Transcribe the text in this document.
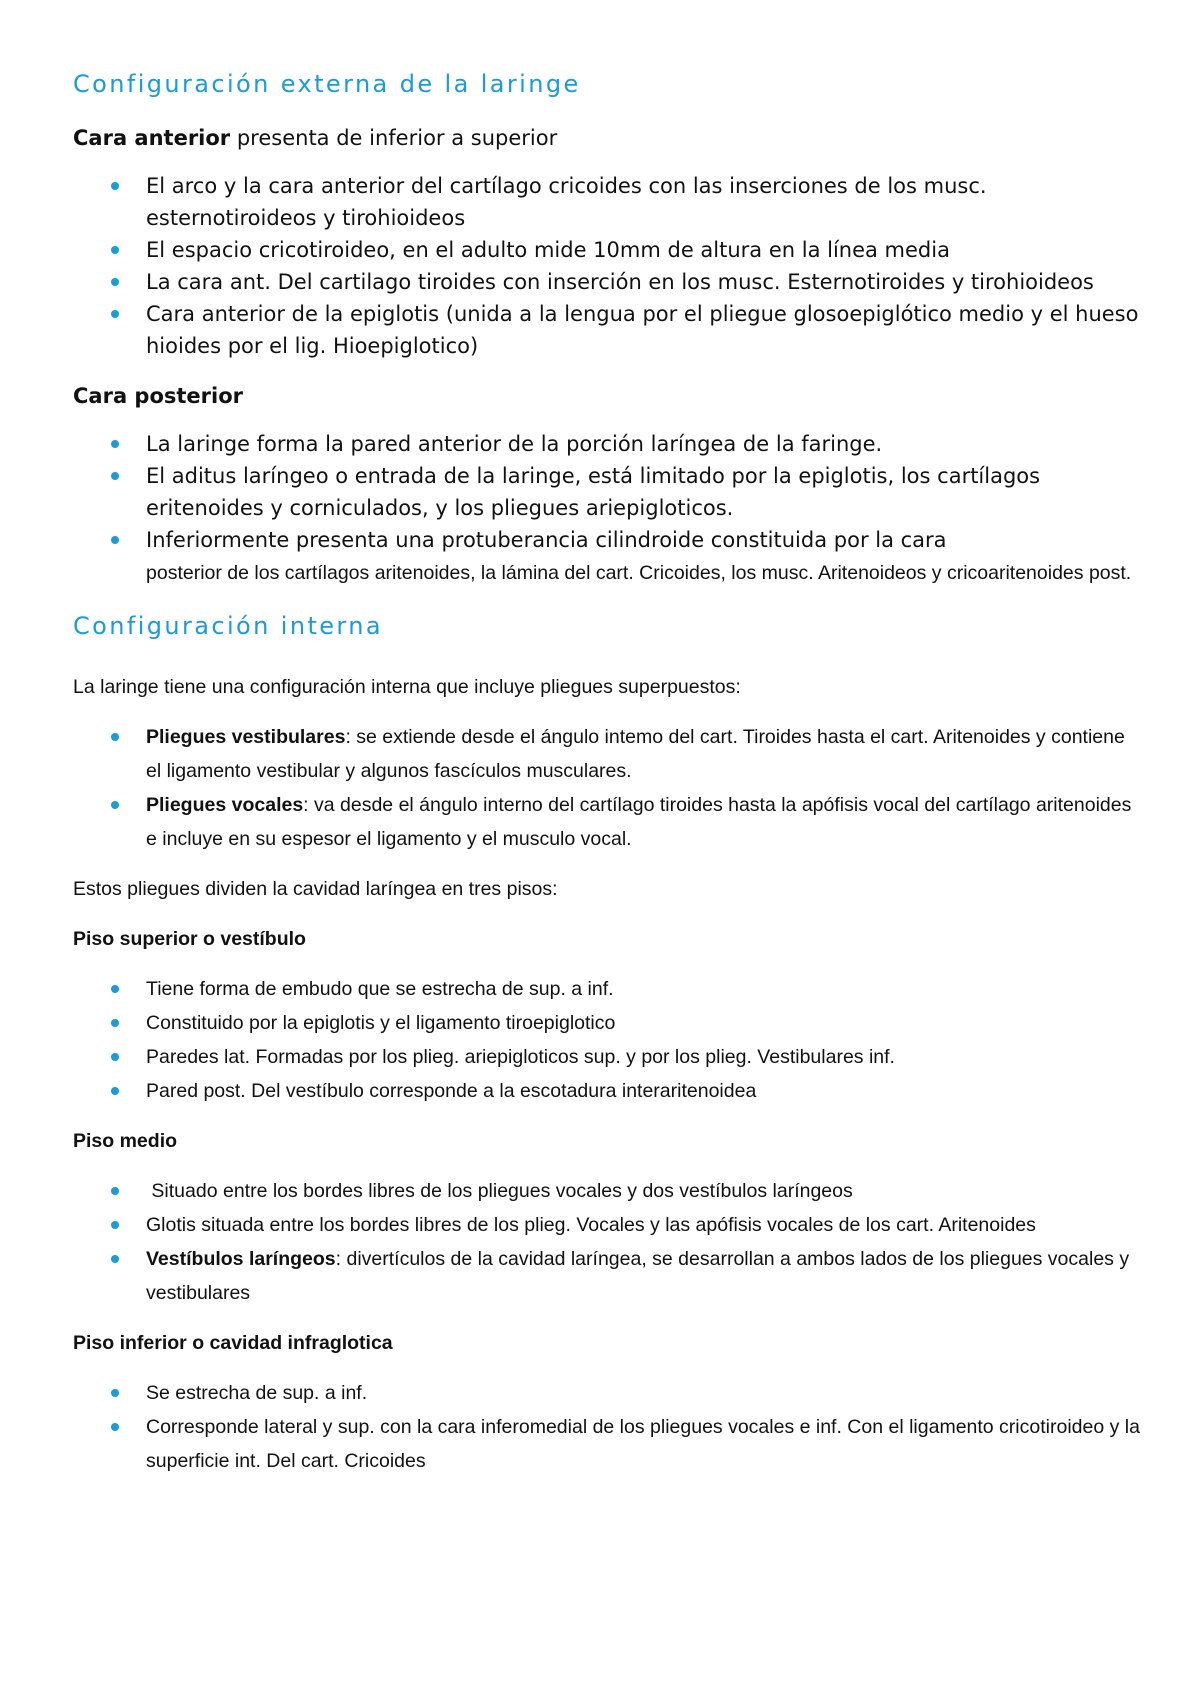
Configuración externa de la laringe

Cara anterior presenta de inferior a superior

El arco y la cara anterior del cartílago cricoides con las inserciones de los musc. esternotiroideos y tirohioideos
El espacio cricotiroideo, en el adulto mide 10mm de altura en la línea media
La cara ant. Del cartilago tiroides con inserción en los musc. Esternotiroides y tirohioideos
Cara anterior de la epiglotis (unida a la lengua por el pliegue glosoepiglótico medio y el hueso hioides por el lig. Hioepiglotico)

Cara posterior

La laringe forma la pared anterior de la porción laríngea de la faringe.
El aditus laríngeo o entrada de la laringe, está limitado por la epiglotis, los cartílagos eritenoides y corniculados, y los pliegues ariepigloticos.
Inferiormente presenta una protuberancia cilindroide constituida por la cara
posterior de los cartílagos aritenoides, la lámina del cart. Cricoides, los musc. Aritenoideos y cricoaritenoides post.
Configuración interna

La laringe tiene una configuración interna que incluye pliegues superpuestos:

Pliegues vestibulares: se extiende desde el ángulo intemo del cart. Tiroides hasta el cart. Aritenoides y contiene el ligamento vestibular y algunos fascículos musculares.
Pliegues vocales: va desde el ángulo interno del cartílago tiroides hasta la apófisis vocal del cartílago aritenoides e incluye en su espesor el ligamento y el musculo vocal.

Estos pliegues dividen la cavidad laríngea en tres pisos:

Piso superior o vestíbulo

Tiene forma de embudo que se estrecha de sup. a inf.
Constituido por la epiglotis y el ligamento tiroepiglotico
Paredes lat. Formadas por los plieg. ariepigloticos sup. y por los plieg. Vestibulares inf.
Pared post. Del vestíbulo corresponde a la escotadura interaritenoidea

Piso medio

Situado entre los bordes libres de los pliegues vocales y dos vestíbulos laríngeos
Glotis situada entre los bordes libres de los plieg. Vocales y las apófisis vocales de los cart. Aritenoides
Vestíbulos laríngeos: divertículos de la cavidad laríngea, se desarrollan a ambos lados de los pliegues vocales y vestibulares

Piso inferior o cavidad infraglotica

Se estrecha de sup. a inf.
Corresponde lateral y sup. con la cara inferomedial de los pliegues vocales e inf. Con el ligamento cricotiroideo y la superficie int. Del cart. Cricoides
